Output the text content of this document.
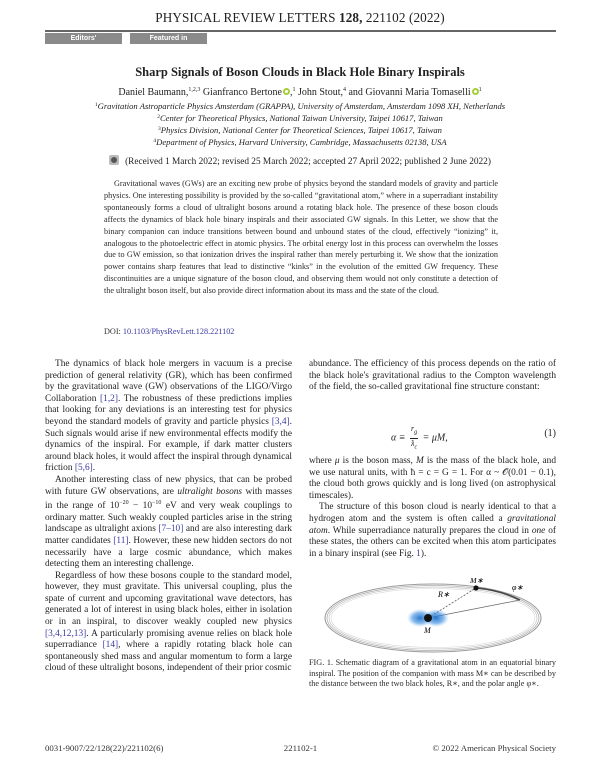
PHYSICAL REVIEW LETTERS 128, 221102 (2022)
Editors' Suggestion
Featured in Physics
Sharp Signals of Boson Clouds in Black Hole Binary Inspirals
Daniel Baumann,$^{1,2,3}$ Gianfranco Bertone ,$^1$ John Stout,$^4$ and Giovanni Maria Tomaselli $^1$
$^1$Gravitation Astroparticle Physics Amsterdam (GRAPPA), University of Amsterdam, Amsterdam 1098 XH, Netherlands
$^2$Center for Theoretical Physics, National Taiwan University, Taipei 10617, Taiwan
$^3$Physics Division, National Center for Theoretical Sciences, Taipei 10617, Taiwan
$^4$Department of Physics, Harvard University, Cambridge, Massachusetts 02138, USA
(Received 1 March 2022; revised 25 March 2022; accepted 27 April 2022; published 2 June 2022)
Gravitational waves (GWs) are an exciting new probe of physics beyond the standard models of gravity and particle physics. One interesting possibility is provided by the so-called “gravitational atom,” where in a superradiant instability spontaneously forms a cloud of ultralight bosons around a rotating black hole. The presence of these boson clouds affects the dynamics of black hole binary inspirals and their associated GW signals. In this Letter, we show that the binary companion can induce transitions between bound and unbound states of the cloud, effectively “ionizing” it, analogous to the photoelectric effect in atomic physics. The orbital energy lost in this process can overwhelm the losses due to GW emission, so that ionization drives the inspiral rather than merely perturbing it. We show that the ionization power contains sharp features that lead to distinctive “kinks” in the evolution of the emitted GW frequency. These discontinuities are a unique signature of the boson cloud, and observing them would not only constitute a detection of the ultralight boson itself, but also provide direct information about its mass and the state of the cloud.
DOI: 10.1103/PhysRevLett.128.221102

The dynamics of black hole mergers in vacuum is a precise prediction of general relativity (GR), which has been confirmed by the gravitational wave (GW) observations of the LIGO/Virgo Collaboration [1,2]. The robustness of these predictions implies that looking for any deviations is an interesting test for physics beyond the standard models of gravity and particle physics [3,4]. Such signals would arise if new environmental effects modify the dynamics of the inspiral. For example, if dark matter clusters around black holes, it would affect the inspiral through dynamical friction [5,6].

Another interesting class of new physics, that can be probed with future GW observations, are ultralight bosons with masses in the range of $10^{-20} - 10^{-10}$ eV and very weak couplings to ordinary matter. Such weakly coupled particles arise in the string landscape as ultralight axions [7–10] and are also interesting dark matter candidates [11]. However, these new hidden sectors do not necessarily have a large cosmic abundance, which makes detecting them an interesting challenge.

Regardless of how these bosons couple to the standard model, however, they must gravitate. This universal coupling, plus the spate of current and upcoming gravitational wave detectors, has generated a lot of interest in using black holes, either in isolation or in an inspiral, to discover weakly coupled new physics [3,4,12,13]. A particularly promising avenue relies on black hole superradiance [14], where a rapidly rotating black hole can spontaneously shed mass and angular momentum to form a large cloud of these ultralight bosons, independent of their prior cosmic

abundance. The efficiency of this process depends on the ratio of the black hole's gravitational radius to the Compton wavelength of the field, the so-called gravitational fine structure constant:

$\alpha \equiv \frac{r_g}{ƛ_c} = \mu M$,	(1)

where μ is the boson mass, M is the mass of the black hole, and we use natural units, with ħ = c = G = 1. For α ~ 𝒪(0.01 − 0.1), the cloud both grows quickly and is long lived (on astrophysical timescales).

The structure of this boson cloud is nearly identical to that a hydrogen atom and the system is often called a gravitational atom. While superradiance naturally prepares the cloud in one of these states, the others can be excited when this atom participates in a binary inspiral (see Fig. 1).

M∗
R∗
φ∗
M
FIG. 1. Schematic diagram of a gravitational atom in an equatorial binary inspiral. The position of the companion with mass M∗ can be described by the distance between the two black holes, R∗, and the polar angle φ∗.
0031-9007/22/128(22)/221102(6)	221102-1	© 2022 American Physical Society
